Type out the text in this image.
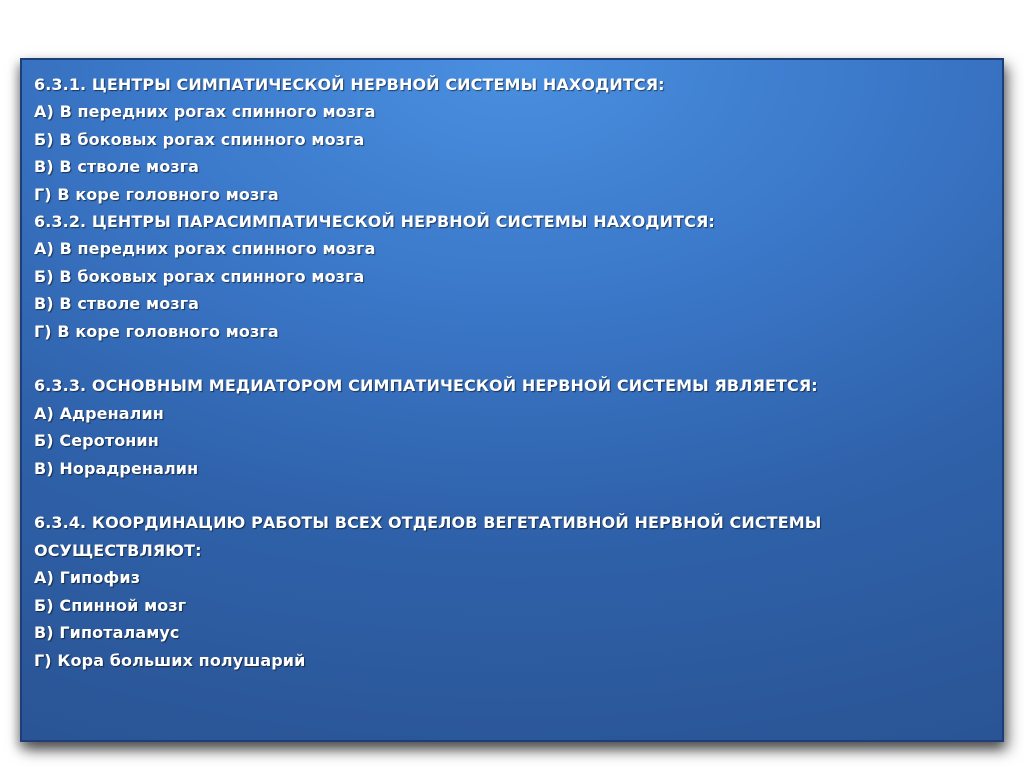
6.3.1. ЦЕНТРЫ СИМПАТИЧЕСКОЙ НЕРВНОЙ СИСТЕМЫ НАХОДИТСЯ:
А) В передних рогах спинного мозга
Б) В боковых рогах спинного мозга
В) В стволе мозга
Г) В коре головного мозга
6.3.2. ЦЕНТРЫ ПАРАСИМПАТИЧЕСКОЙ НЕРВНОЙ СИСТЕМЫ НАХОДИТСЯ:
А) В передних рогах спинного мозга
Б) В боковых рогах спинного мозга
В) В стволе мозга
Г) В коре головного мозга
6.3.3. ОСНОВНЫМ МЕДИАТОРОМ СИМПАТИЧЕСКОЙ НЕРВНОЙ СИСТЕМЫ ЯВЛЯЕТСЯ:
А) Адреналин
Б) Серотонин
В) Норадреналин
6.3.4. КООРДИНАЦИЮ РАБОТЫ ВСЕХ ОТДЕЛОВ ВЕГЕТАТИВНОЙ НЕРВНОЙ СИСТЕМЫ
ОСУЩЕСТВЛЯЮТ:
А) Гипофиз
Б) Спинной мозг
В) Гипоталамус
Г) Кора больших полушарий
